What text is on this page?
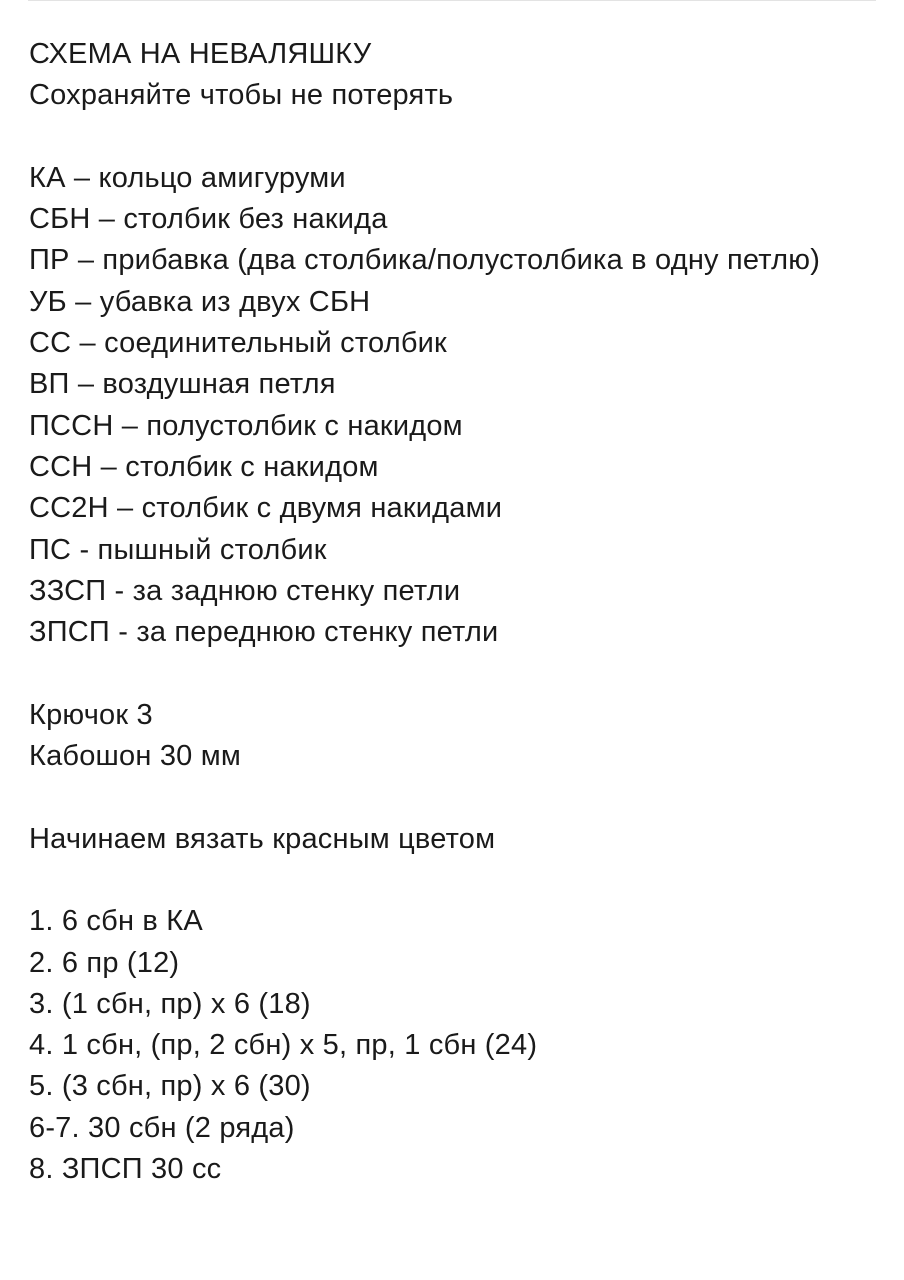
СХЕМА НА НЕВАЛЯШКУ
Сохраняйте чтобы не потерять
КА – кольцо амигуруми
СБН – столбик без накида
ПР – прибавка (два столбика/полустолбика в одну петлю)
УБ – убавка из двух СБН
СС – соединительный столбик
ВП – воздушная петля
ПССН – полустолбик с накидом
ССН – столбик с накидом
СС2Н – столбик с двумя накидами
ПС - пышный столбик
ЗЗСП - за заднюю стенку петли
ЗПСП - за переднюю стенку петли
Крючок 3
Кабошон 30 мм
Начинаем вязать красным цветом
1. 6 сбн в КА
2. 6 пр (12)
3. (1 сбн, пр) х 6 (18)
4. 1 сбн, (пр, 2 сбн) х 5, пр, 1 сбн (24)
5. (3 сбн, пр) х 6 (30)
6-7. 30 сбн (2 ряда)
8. ЗПСП 30 сс
